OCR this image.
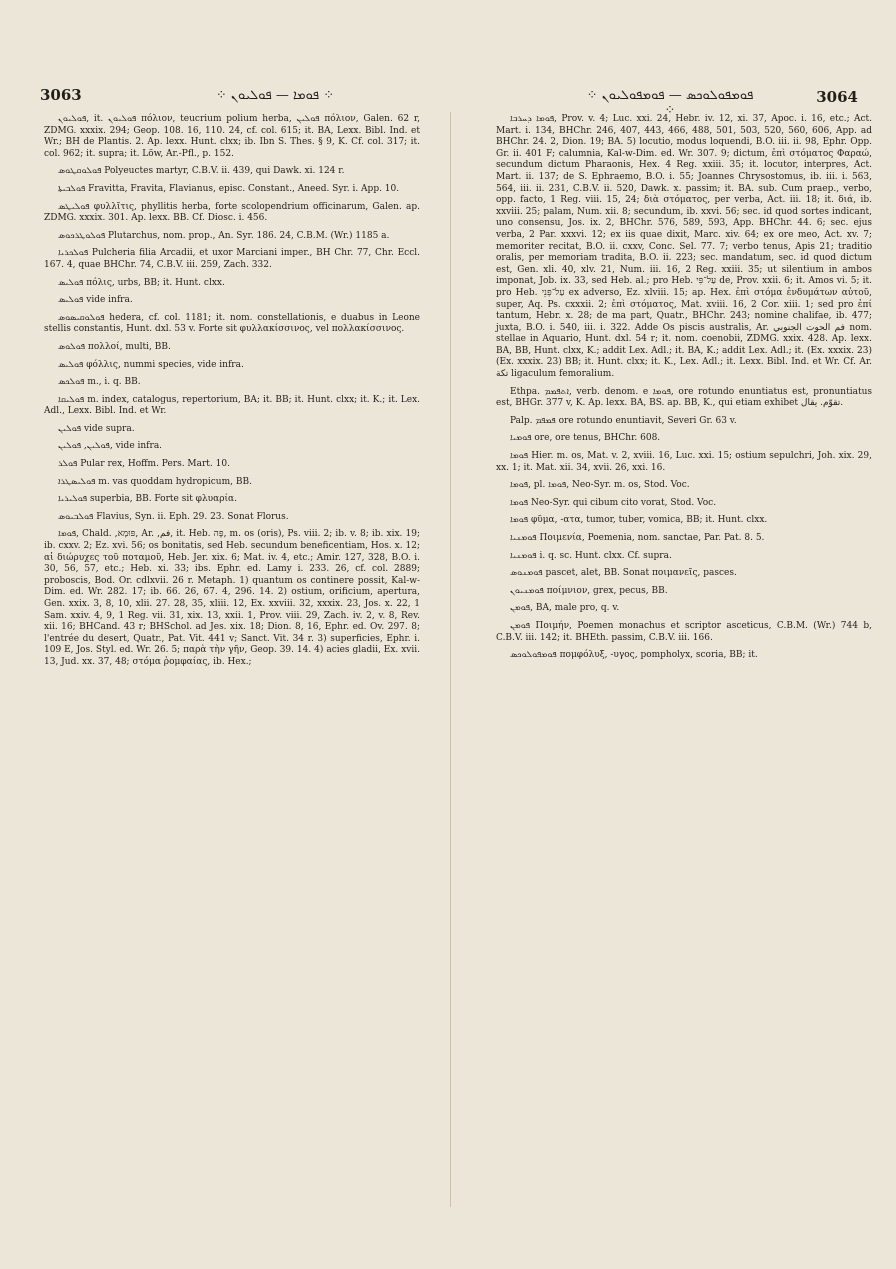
3063	⁘ ܦܘܡܐ — ܦܘܠܝܘܢ ⁘	⁘ ܦܘܡܦܘܠܘܟܣ — ܦܘܡܦܘܠܝܘܢ ⁘
3064

ܦܘܠܝܘܢ, it. ܦܘܠܝܘܢ πόλιον, teucrium polium herba, ܦܘܠܝܢ πόλιον, Galen. 62 r, ZDMG. xxxix. 294; Geop. 108. 16, 110. 24, cf. col. 615; it. BA, Lexx. Bibl. Ind. et Wr.; BH de Plantis. 2. Ap. lexx. Hunt. clxx; ib. Ibn S. Thes. § 9, K. Cf. col. 317; it. col. 962; it. supra; it. Löw, Ar.-Pfl., p. 152.

ܦܘܠܘܩܛܘܣ Polyeuctes martyr, C.B.V. ii. 439, qui Dawk. xi. 124 r.

ܦܘܠܒܝܬܐ Fravitta, Fravita, Flavianus, episc. Constant., Aneed. Syr. i. App. 10.

ܦܘܠܝܛܣ φυλλῖτις, phyllitis herba, forte scolopendrium officinarum, Galen. ap. ZDMG. xxxix. 301. Ap. lexx. BB. Cf. Diosc. i. 456.

ܦܘܠܘܛܪܟܘܣ Plutarchus, nom. prop., An. Syr. 186. 24, C.B.M. (Wr.) 1185 a.

ܦܘܠܟܪܝܐ Pulcheria filia Arcadii, et uxor Marciani imper., BH Chr. 77, Chr. Eccl. 167. 4, quae BHChr. 74, C.B.V. iii. 259, Zach. 332.

ܦܘܠܝܣ πόλις, urbs, BB; it. Hunt. clxx.

ܦܘܠܝܣ vide infra.

ܦܘܠܘܩܝܣܘܣ hedera, cf. col. 1181; it. nom. constellationis, e duabus in Leone stellis constantis, Hunt. dxl. 53 v. Forte sit φυλλακίσσινος, vel πολλακίσσινος.

ܦܘܠܘܣ πολλοί, multi, BB.

ܦܘܠܝܣ φόλλις, nummi species, vide infra.

ܦܘܠܟܣ m., i. q. BB.

ܦܘܠܝܩܐ m. index, catalogus, repertorium, BA; it. BB; it. Hunt. clxx; it. K.; it. Lex. Adl., Lexx. Bibl. Ind. et Wr.

ܦܘܠܝܢ vide supra.

ܦܘܠܝܢ, ܦܘܠܝܢ, vide infra.

ܦܘܠܪ Pular rex, Hoffm. Pers. Mart. 10.

ܦܘܠܝܣܛܪܐ m. vas quoddam hydropicum, BB.

ܦܘܠܝܪܝܐ superbia, BB. Forte sit φλυαρία.

ܦܘܠܒܝܘܣ Flavius, Syn. ii. Eph. 29. 23. Sonat Florus.

ܦܘܡܐ, Chald. ,פּוּמָא, Ar. ,فم, it. Heb. פֶּה, m. os (oris), Ps. viii. 2; ib. v. 8; ib. xix. 19; ib. cxxv. 2; Ez. xvi. 56; os bonitatis, sed Heb. secundum beneficentiam, Hos. x. 12; αἱ διώρυχες τοῦ ποταμοῦ, Heb. Jer. xix. 6; Mat. iv. 4, etc.; Amir. 127, 328, B.O. i. 30, 56, 57, etc.; Heb. xi. 33; ibs. Ephr. ed. Lamy i. 233. 26, cf. col. 2889; proboscis, Bod. Or. cdlxvii. 26 r. Metaph. 1) quantum os continere possit, Kal-w-Dim. ed. Wr. 282. 17; ib. 66. 26, 67. 4, 296. 14. 2) ostium, orificium, apertura, Gen. xxix. 3, 8, 10, xlii. 27. 28, 35, xliii. 12, Ex. xxviii. 32, xxxix. 23, Jos. x. 22, 1 Sam. xxiv. 4, 9, 1 Reg. vii. 31, xix. 13, xxii. 1, Prov. viii. 29, Zach. iv. 2, v. 8, Rev. xii. 16; BHCand. 43 r; BHSchol. ad Jes. xix. 18; Dion. 8, 16, Ephr. ed. Ov. 297. 8; l'entrée du desert, Quatr., Pat. Vit. 441 v; Sanct. Vit. 34 r. 3) superficies, Ephr. i. 109 E, Jos. Styl. ed. Wr. 26. 5; παρὰ τὴν γῆν, Geop. 39. 14. 4) acies gladii, Ex. xvii. 13, Jud. xx. 37, 48; στόμα ῥομφαίας, ib. Hex.;

ܦܘܡܐ ܕܚܪܒܐ, Prov. v. 4; Luc. xxi. 24, Hebr. iv. 12, xi. 37, Apoc. i. 16, etc.; Act. Mart. i. 134, BHChr. 246, 407, 443, 466, 488, 501, 503, 520, 560, 606, App. ad BHChr. 24. 2, Dion. 19; BA. 5) locutio, modus loquendi, B.O. iii. ii. 98, Ephr. Opp. Gr. ii. 401 F; calumnia, Kal-w-Dim. ed. Wr. 307. 9; dictum, ἐπὶ στόματος Φαραώ, secundum dictum Pharaonis, Hex. 4 Reg. xxiii. 35; it. locutor, interpres, Act. Mart. ii. 137; de S. Ephraemo, B.O. i. 55; Joannes Chrysostomus, ib. iii. i. 563, 564, iii. ii. 231, C.B.V. ii. 520, Dawk. x. passim; it. BA. sub. Cum praep., verbo, opp. facto, 1 Reg. viii. 15, 24; διὰ στόματος, per verba, Act. iii. 18; it. διά, ib. xxviii. 25; palam, Num. xii. 8; secundum, ib. xxvi. 56; sec. id quod sortes indicant, uno consensu, Jos. ix. 2, BHChr. 576, 589, 593, App. BHChr. 44. 6; sec. ejus verba, 2 Par. xxxvi. 12; ex iis quae dixit, Marc. xiv. 64; ex ore meo, Act. xv. 7; memoriter recitat, B.O. ii. cxxv, Conc. Sel. 77. 7; verbo tenus, Apis 21; traditio oralis, per memoriam tradita, B.O. ii. 223; sec. mandatum, sec. id quod dictum est, Gen. xli. 40, xlv. 21, Num. iii. 16, 2 Reg. xxiii. 35; ut silentium in ambos imponat, Job. ix. 33, sed Heb. al.; pro Heb. עַל־פִּי de, Prov. xxii. 6; it. Amos vi. 5; it. pro Heb. עַל־פְּנֵי ex adverso, Ez. xlviii. 15; ap. Hex. ἐπὶ στόμα ἐνδυμάτων αὐτοῦ, super, Aq. Ps. cxxxii. 2; ἐπὶ στόματος, Mat. xviii. 16, 2 Cor. xiii. 1; sed pro ἐπί tantum, Hebr. x. 28; de ma part, Quatr., BHChr. 243; nomine chalifae, ib. 477; juxta, B.O. i. 540, iii. i. 322. Adde Os piscis australis, Ar. فم الحوت الجنوبي nom. stellae in Aquario, Hunt. dxl. 54 r; it. nom. coenobii, ZDMG. xxix. 428. Ap. lexx. BA, BB, Hunt. clxx, K.; addit Lex. Adl.; it. BA, K.; addit Lex. Adl.; it. (Ex. xxxix. 23) (Ex. xxxix. 23) BB; it. Hunt. clxx; it. K., Lex. Adl.; it. Lexx. Bibl. Ind. et Wr. Cf. Ar. تكة ligaculum femoralium.

Ethpa. ܐܬܦܡܡ, verb. denom. e ܦܘܡܐ, ore rotundo enuntiatus est, pronuntiatus est, BHGr. 377 v, K. Ap. lexx. BA, BS. ap. BB, K., qui etiam exhibet تقوّم. يقال.

Palp. ܦܡܦܡ ore rotundo enuntiavit, Severi Gr. 63 v.

ܦܘܡܝܐ ore, ore tenus, BHChr. 608.

ܦܘܡܐ Hier. m. os, Mat. v. 2, xviii. 16, Luc. xxi. 15; ostium sepulchri, Joh. xix. 29, xx. 1; it. Mat. xii. 34, xvii. 26, xxi. 16.

ܦܘܡܐ, pl. ܦܘܡܐ, Neo-Syr. m. os, Stod. Voc.

ܦܘܡܐ Neo-Syr. qui cibum cito vorat, Stod. Voc.

ܦܘܡܐ φῦμα, -ατα, tumor, tuber, vomica, BB; it. Hunt. clxx.

ܦܘܡܢܝܐ Ποιμενία, Poemenia, nom. sanctae, Par. Pat. 8. 5.

ܦܘܡܢܝܐ i. q. sc. Hunt. clxx. Cf. supra.

ܦܘܡܢܘܣ pascet, alet, BB. Sonat ποιμανεῖς, pasces.

ܦܘܡܢܝܘܢ ποίμνιον, grex, pecus, BB.

ܦܘܡܢ, BA, male pro, q. v.

ܦܘܡܢ Ποιμήν, Poemen monachus et scriptor asceticus, C.B.M. (Wr.) 744 b, C.B.V. iii. 142; it. BHEth. passim, C.B.V. iii. 166.

ܦܘܡܦܘܠܘܟܣ πομφόλυξ, -υγος, pompholyx, scoria, BB; it.
